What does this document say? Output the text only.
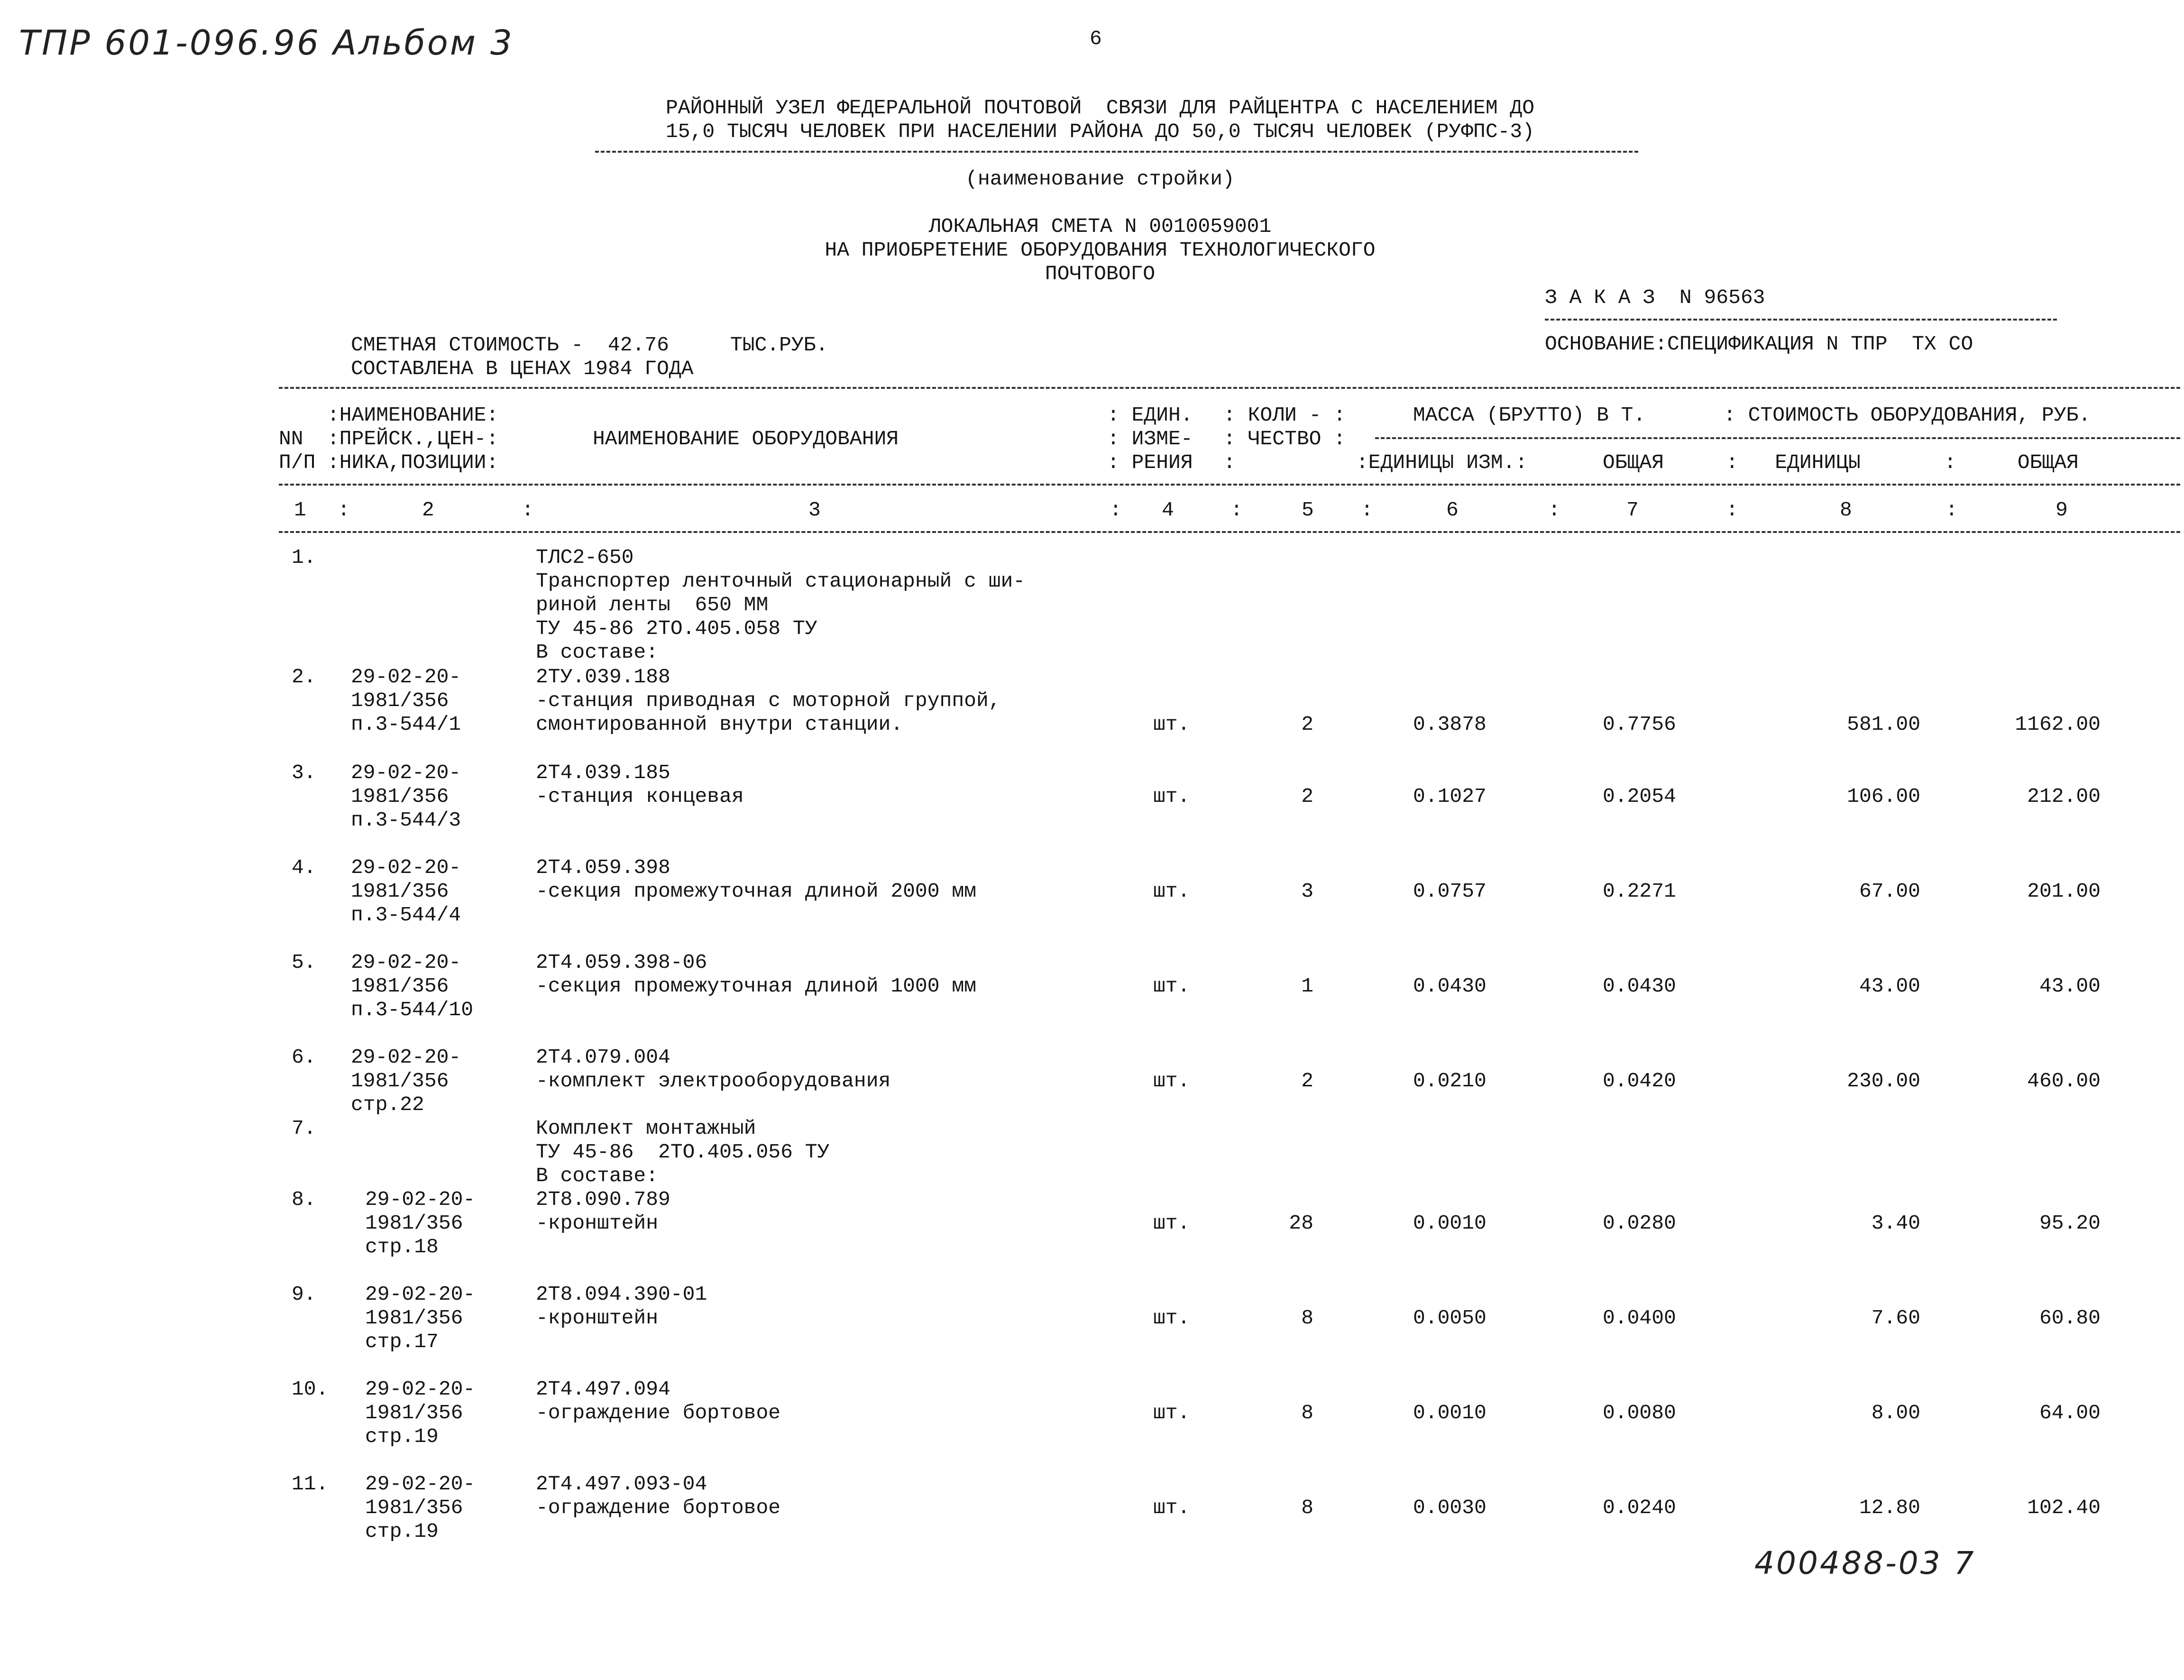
ТПР 601-096.96 Альбом 3
400488-03 7
6
РАЙОННЫЙ УЗЕЛ ФЕДЕРАЛЬНОЙ ПОЧТОВОЙ  СВЯЗИ ДЛЯ РАЙЦЕНТРА С НАСЕЛЕНИЕМ ДО
15,0 ТЫСЯЧ ЧЕЛОВЕК ПРИ НАСЕЛЕНИИ РАЙОНА ДО 50,0 ТЫСЯЧ ЧЕЛОВЕК (РУФПС-3)
(наименование стройки)
ЛОКАЛЬНАЯ СМЕТА N 0010059001
НА ПРИОБРЕТЕНИЕ ОБОРУДОВАНИЯ ТЕХНОЛОГИЧЕСКОГО
ПОЧТОВОГО
З А К А З  N 96563
ОСНОВАНИЕ:СПЕЦИФИКАЦИЯ N ТПР  ТХ СО
СМЕТНАЯ СТОИМОСТЬ -  42.76     ТЫС.РУБ.
СОСТАВЛЕНА В ЦЕНАХ 1984 ГОДА
NN
П/П
:НАИМЕНОВАНИЕ:
:ПРЕЙСК.,ЦЕН-:
:НИКА,ПОЗИЦИИ:
НАИМЕНОВАНИЕ ОБОРУДОВАНИЯ
: ЕДИН.
: ИЗМЕ-
: РЕНИЯ
: КОЛИ - :
: ЧЕСТВО :
:
МАССА (БРУТТО) В Т.	: СТОИМОСТЬ ОБОРУДОВАНИЯ, РУБ.
:ЕДИНИЦЫ ИЗМ.:	ОБЩАЯ	:   ЕДИНИЦЫ	:     ОБЩАЯ
1 :	2	:	3	: 4	:	5 :	6	:	7	:	8	:	9
1.	ТЛС2-650
Транспортер ленточный стационарный с ши-
риной ленты  650 ММ
ТУ 45-86 2ТО.405.058 ТУ
В составе:
2. 29-02-20-
1981/356
п.3-544/1
2ТУ.039.188
-станция приводная с моторной группой,
смонтированной внутри станции.	шт.	2	0.3878	0.7756	581.00	1162.00
3. 29-02-20-
1981/356
п.3-544/3
2Т4.039.185
-станция концевая	шт.	2	0.1027	0.2054	106.00	212.00
4. 29-02-20-
1981/356
п.3-544/4
2Т4.059.398
-секция промежуточная длиной 2000 мм	шт.	3	0.0757	0.2271	67.00	201.00
5. 29-02-20-
1981/356
п.3-544/10
2Т4.059.398-06
-секция промежуточная длиной 1000 мм	шт.	1	0.0430	0.0430	43.00	43.00
6. 29-02-20-
1981/356
стр.22
2Т4.079.004
-комплект электрооборудования	шт.	2	0.0210	0.0420	230.00	460.00
7.	Комплект монтажный
ТУ 45-86  2ТО.405.056 ТУ
В составе:
8. 29-02-20-
1981/356
стр.18
2Т8.090.789
-кронштейн	шт.	28	0.0010	0.0280	3.40	95.20
9. 29-02-20-
1981/356
стр.17
2Т8.094.390-01
-кронштейн	шт.	8	0.0050	0.0400	7.60	60.80
10. 29-02-20-
1981/356
стр.19
2Т4.497.094
-ограждение бортовое	шт.	8	0.0010	0.0080	8.00	64.00
11. 29-02-20-
1981/356
стр.19
2Т4.497.093-04
-ограждение бортовое	шт.	8	0.0030	0.0240	12.80	102.40
